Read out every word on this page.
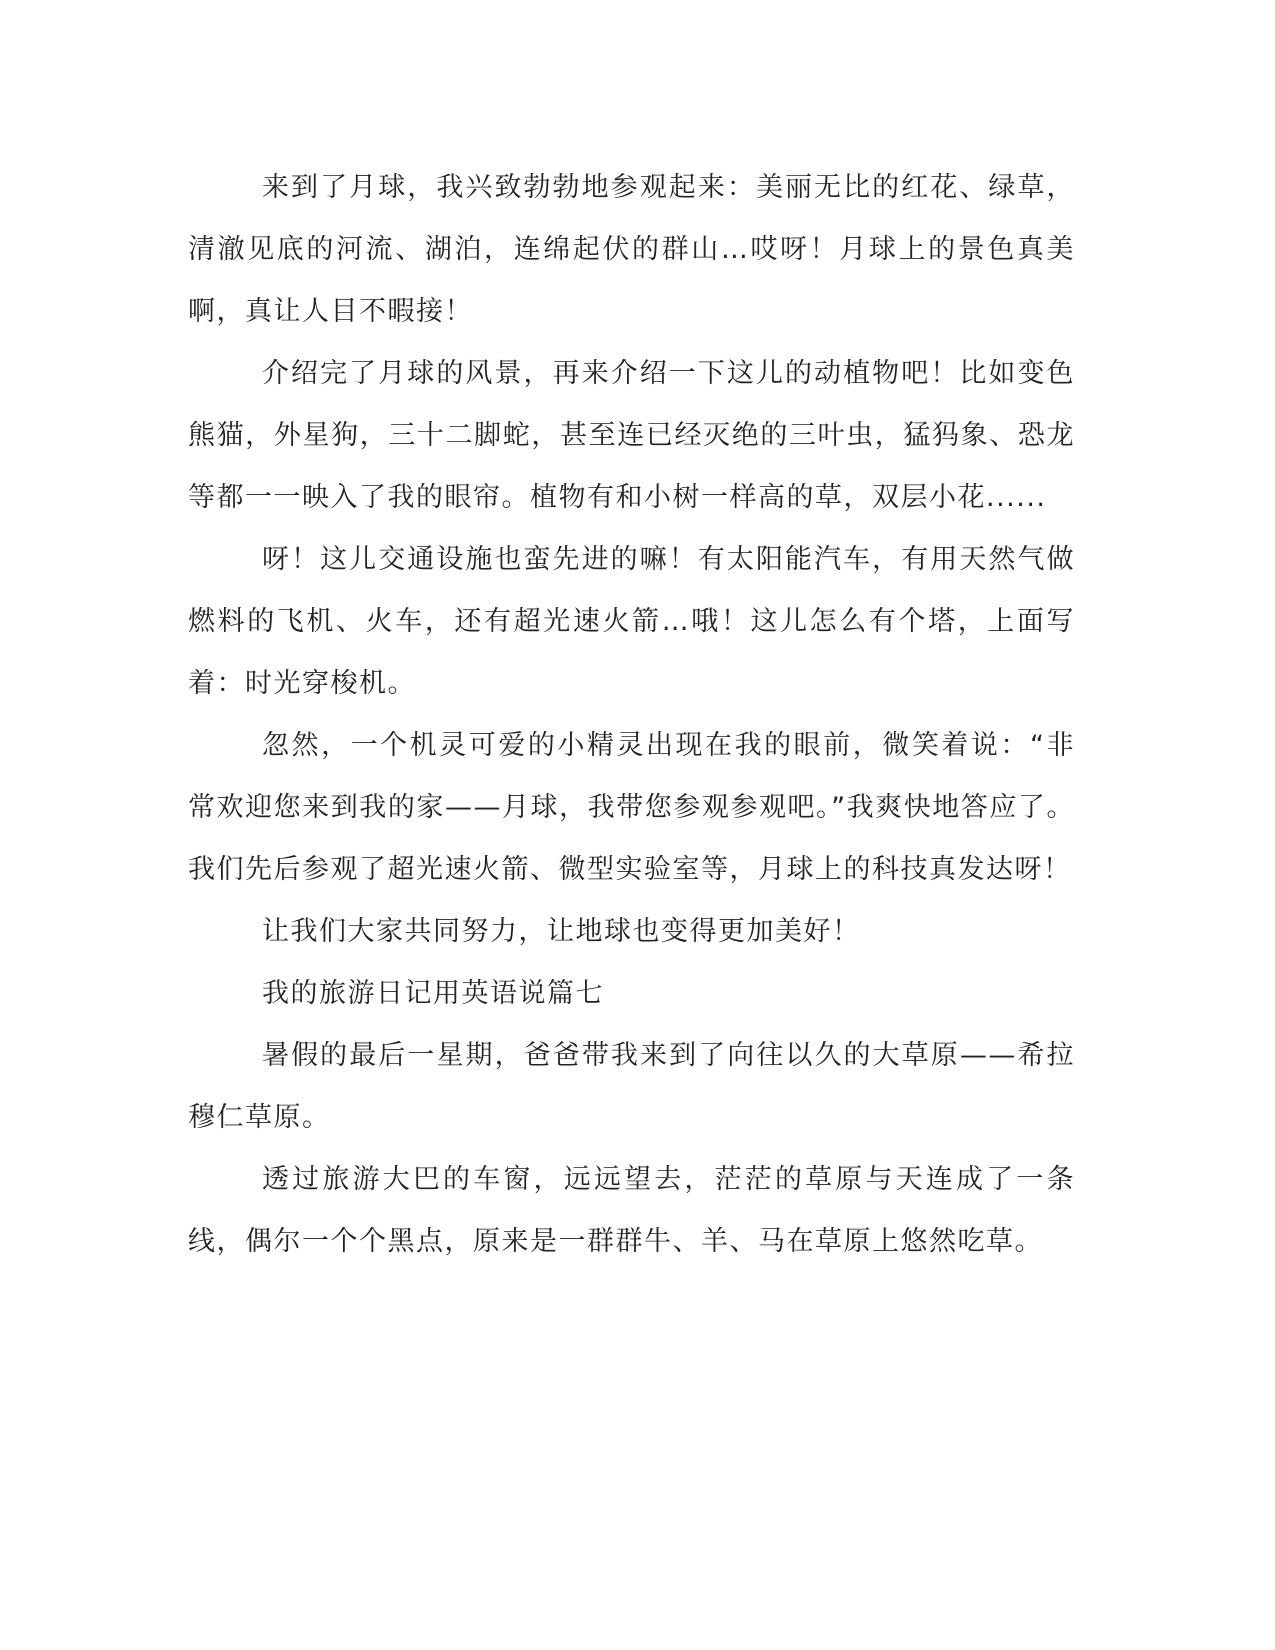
来到了月球，我兴致勃勃地参观起来：美丽无比的红花、绿草，清澈见底的河流、湖泊，连绵起伏的群山…哎呀！月球上的景色真美啊，真让人目不暇接！

介绍完了月球的风景，再来介绍一下这儿的动植物吧！比如变色熊猫，外星狗，三十二脚蛇，甚至连已经灭绝的三叶虫，猛犸象、恐龙等都一一映入了我的眼帘。植物有和小树一样高的草，双层小花......

呀！这儿交通设施也蛮先进的嘛！有太阳能汽车，有用天然气做燃料的飞机、火车，还有超光速火箭…哦！这儿怎么有个塔，上面写着：时光穿梭机。

忽然，一个机灵可爱的小精灵出现在我的眼前，微笑着说：“非常欢迎您来到我的家——月球，我带您参观参观吧。”我爽快地答应了。我们先后参观了超光速火箭、微型实验室等，月球上的科技真发达呀！

让我们大家共同努力，让地球也变得更加美好！

我的旅游日记用英语说篇七

暑假的最后一星期，爸爸带我来到了向往以久的大草原——希拉穆仁草原。

透过旅游大巴的车窗，远远望去，茫茫的草原与天连成了一条线，偶尔一个个黑点，原来是一群群牛、羊、马在草原上悠然吃草。
